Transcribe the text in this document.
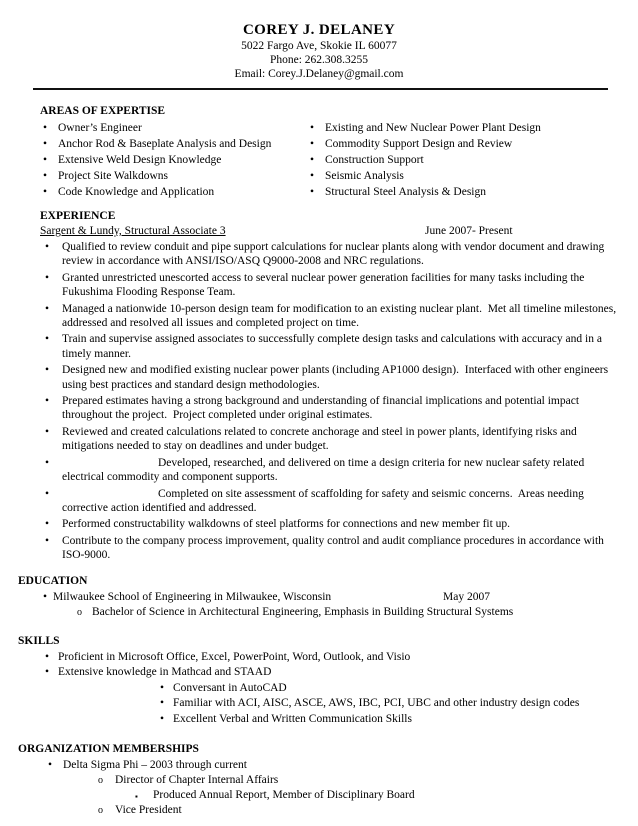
COREY J. DELANEY
5022 Fargo Ave, Skokie IL 60077
Phone: 262.308.3255
Email: Corey.J.Delaney@gmail.com
AREAS OF EXPERTISE
• Owner’s Engineer
• Anchor Rod & Baseplate Analysis and Design
• Extensive Weld Design Knowledge
• Project Site Walkdowns
• Code Knowledge and Application
• Existing and New Nuclear Power Plant Design
• Commodity Support Design and Review
• Construction Support
• Seismic Analysis
• Structural Steel Analysis & Design
EXPERIENCE
Sargent & Lundy, Structural Associate 3	June 2007- Present
• Qualified to review conduit and pipe support calculations for nuclear plants along with vendor document and drawing review in accordance with ANSI/ISO/ASQ Q9000-2008 and NRC regulations.
• Granted unrestricted unescorted access to several nuclear power generation facilities for many tasks including the Fukushima Flooding Response Team.
• Managed a nationwide 10-person design team for modification to an existing nuclear plant.  Met all timeline milestones, addressed and resolved all issues and completed project on time.
• Train and supervise assigned associates to successfully complete design tasks and calculations with accuracy and in a timely manner.
• Designed new and modified existing nuclear power plants (including AP1000 design).  Interfaced with other engineers using best practices and standard design methodologies.
• Prepared estimates having a strong background and understanding of financial implications and potential impact throughout the project.  Project completed under original estimates.
• Reviewed and created calculations related to concrete anchorage and steel in power plants, identifying risks and mitigations needed to stay on deadlines and under budget.
• Developed, researched, and delivered on time a design criteria for new nuclear safety related electrical commodity and component supports.
• Completed on site assessment of scaffolding for safety and seismic concerns.  Areas needing corrective action identified and addressed.
• Performed constructability walkdowns of steel platforms for connections and new member fit up.
• Contribute to the company process improvement, quality control and audit compliance procedures in accordance with ISO-9000.
EDUCATION
• Milwaukee School of Engineering in Milwaukee, Wisconsin	May 2007
o Bachelor of Science in Architectural Engineering, Emphasis in Building Structural Systems
SKILLS
• Proficient in Microsoft Office, Excel, PowerPoint, Word, Outlook, and Visio
• Extensive knowledge in Mathcad and STAAD
• Conversant in AutoCAD
• Familiar with ACI, AISC, ASCE, AWS, IBC, PCI, UBC and other industry design codes
• Excellent Verbal and Written Communication Skills
ORGANIZATION MEMBERSHIPS
• Delta Sigma Phi – 2003 through current
o Director of Chapter Internal Affairs
▪ Produced Annual Report, Member of Disciplinary Board
o Vice President
